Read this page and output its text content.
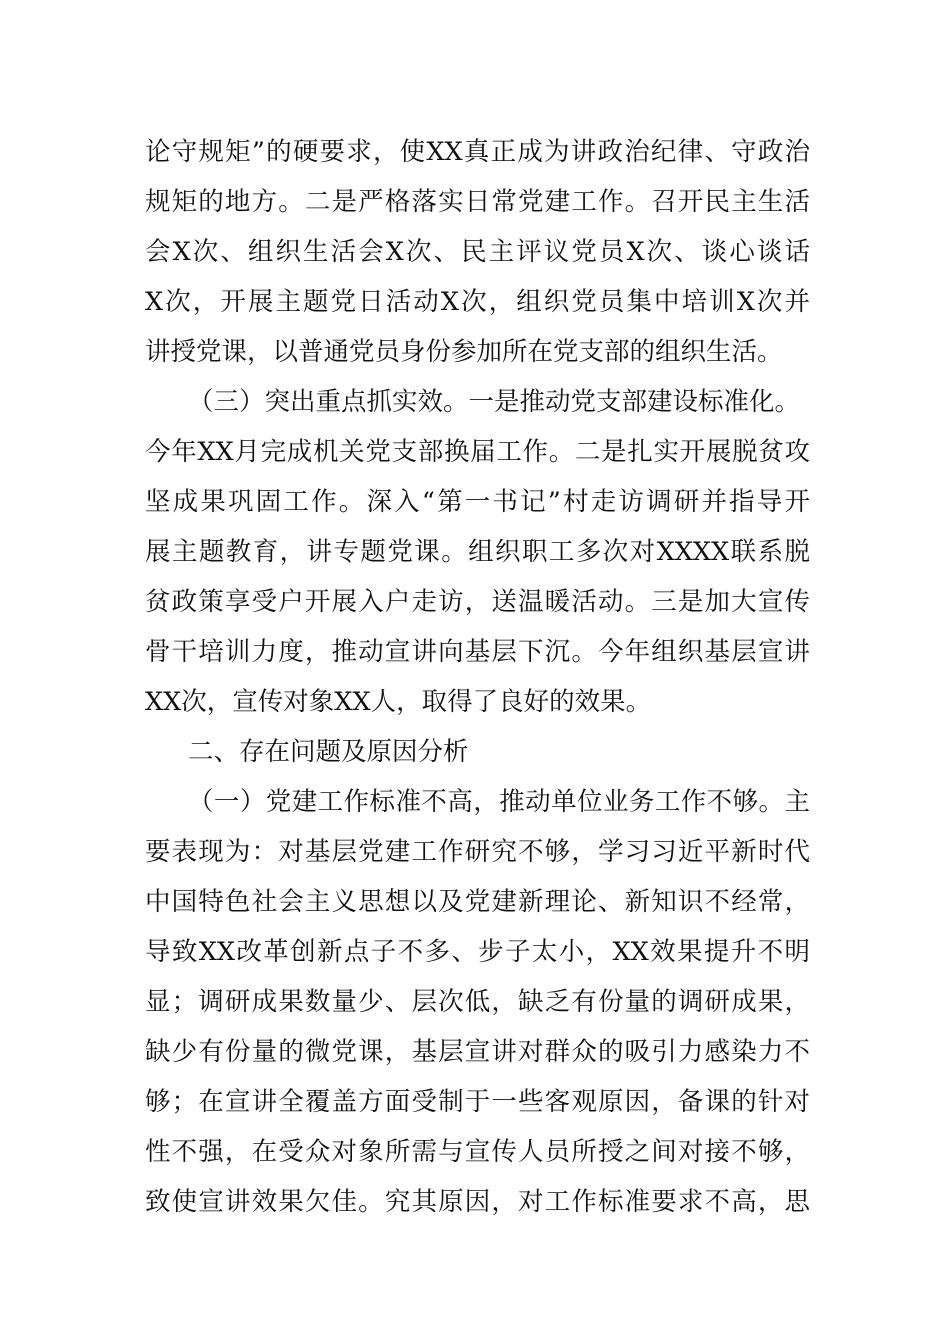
论守规矩”的硬要求，使XX真正成为讲政治纪律、守政治
规矩的地方。二是严格落实日常党建工作。召开民主生活
会X次、组织生活会X次、民主评议党员X次、谈心谈话
X次，开展主题党日活动X次，组织党员集中培训X次并
讲授党课，以普通党员身份参加所在党支部的组织生活。
（三）突出重点抓实效。一是推动党支部建设标准化。
今年XX月完成机关党支部换届工作。二是扎实开展脱贫攻
坚成果巩固工作。深入“第一书记”村走访调研并指导开
展主题教育，讲专题党课。组织职工多次对XXXX联系脱
贫政策享受户开展入户走访，送温暖活动。三是加大宣传
骨干培训力度，推动宣讲向基层下沉。今年组织基层宣讲
XX次，宣传对象XX人，取得了良好的效果。
二、存在问题及原因分析
（一）党建工作标准不高，推动单位业务工作不够。主
要表现为：对基层党建工作研究不够，学习习近平新时代
中国特色社会主义思想以及党建新理论、新知识不经常，
导致XX改革创新点子不多、步子太小，XX效果提升不明
显；调研成果数量少、层次低，缺乏有份量的调研成果，
缺少有份量的微党课，基层宣讲对群众的吸引力感染力不
够；在宣讲全覆盖方面受制于一些客观原因，备课的针对
性不强，在受众对象所需与宣传人员所授之间对接不够，
致使宣讲效果欠佳。究其原因，对工作标准要求不高，思
